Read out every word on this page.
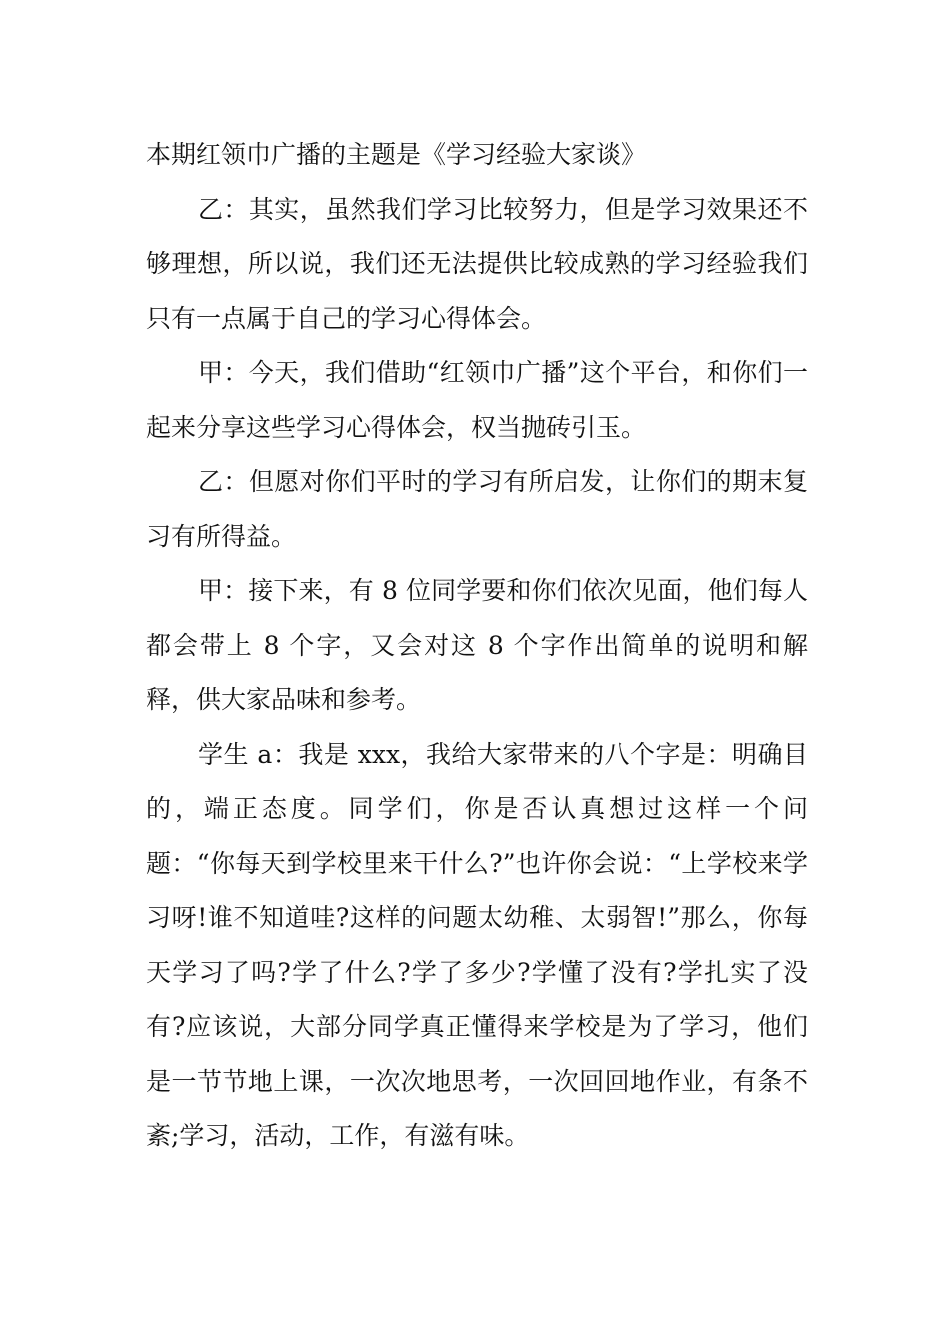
本期红领巾广播的主题是《学习经验大家谈》

乙：其实，虽然我们学习比较努力，但是学习效果还不够理想，所以说，我们还无法提供比较成熟的学习经验我们只有一点属于自己的学习心得体会。

甲：今天，我们借助“红领巾广播”这个平台，和你们一起来分享这些学习心得体会，权当抛砖引玉。

乙：但愿对你们平时的学习有所启发，让你们的期末复习有所得益。

甲：接下来，有 8 位同学要和你们依次见面，他们每人都会带上 8 个字，又会对这 8 个字作出简单的说明和解释，供大家品味和参考。

学生 a：我是 xxx，我给大家带来的八个字是：明确目的，端正态度。同学们，你是否认真想过这样一个问题：“你每天到学校里来干什么?”也许你会说：“上学校来学习呀!谁不知道哇?这样的问题太幼稚、太弱智!”那么，你每天学习了吗?学了什么?学了多少?学懂了没有?学扎实了没有?应该说，大部分同学真正懂得来学校是为了学习，他们是一节节地上课，一次次地思考，一次回回地作业，有条不紊;学习，活动，工作，有滋有味。
